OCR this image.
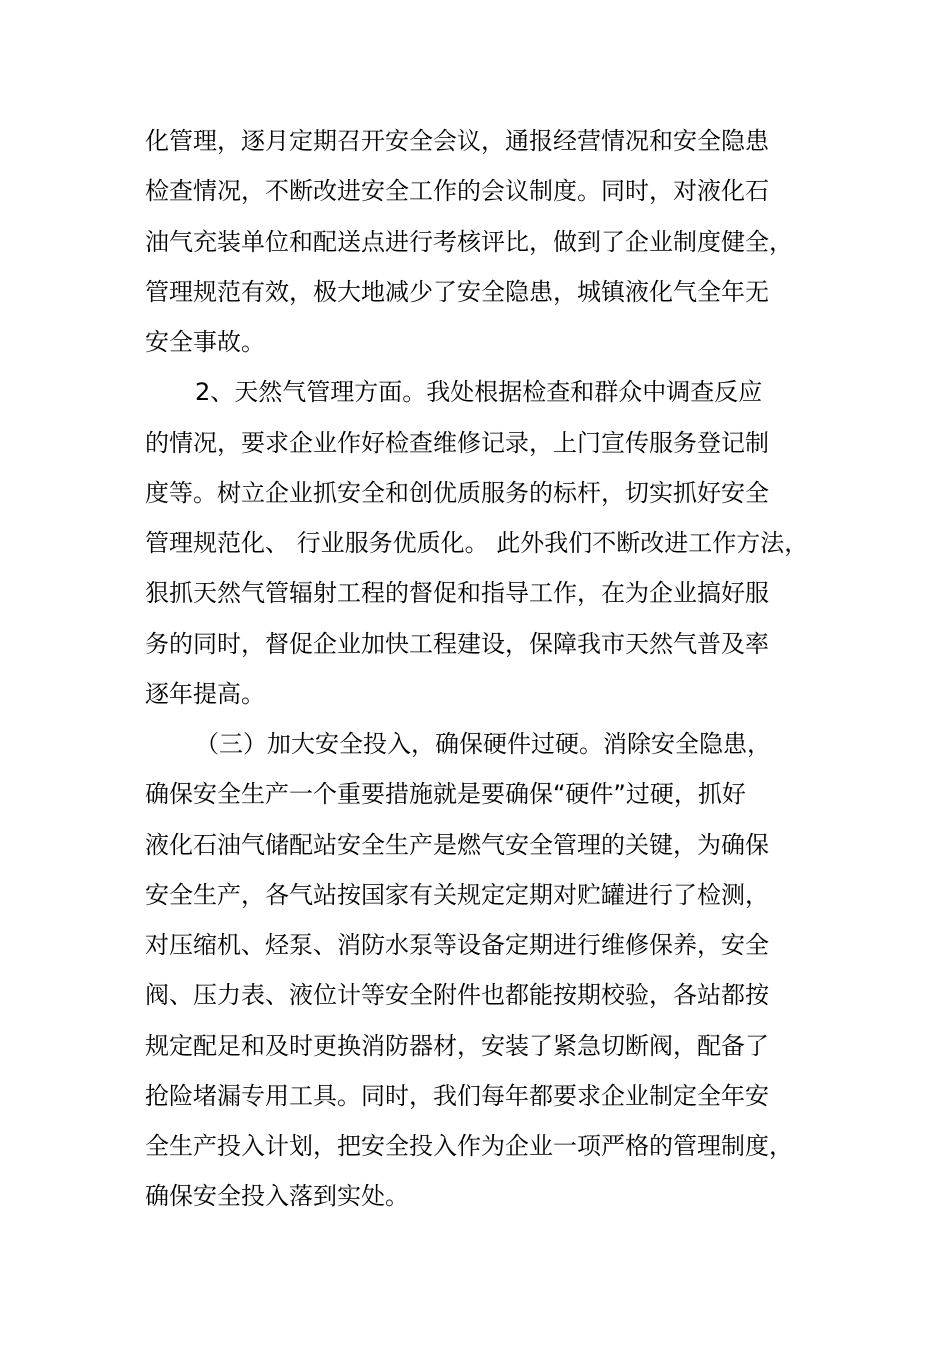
化管理，逐月定期召开安全会议，通报经营情况和安全隐患
检查情况，不断改进安全工作的会议制度。同时，对液化石
油气充装单位和配送点进行考核评比，做到了企业制度健全，
管理规范有效，极大地减少了安全隐患，城镇液化气全年无
安全事故。
2、天然气管理方面。我处根据检查和群众中调查反应
的情况，要求企业作好检查维修记录，上门宣传服务登记制
度等。树立企业抓安全和创优质服务的标杆，切实抓好安全
管理规范化、 行业服务优质化。 此外我们不断改进工作方法，
狠抓天然气管辐射工程的督促和指导工作，在为企业搞好服
务的同时，督促企业加快工程建设，保障我市天然气普及率
逐年提高。
（三）加大安全投入，确保硬件过硬。消除安全隐患，
确保安全生产一个重要措施就是要确保“硬件”过硬，抓好
液化石油气储配站安全生产是燃气安全管理的关键，为确保
安全生产，各气站按国家有关规定定期对贮罐进行了检测，
对压缩机、烃泵、消防水泵等设备定期进行维修保养，安全
阀、压力表、液位计等安全附件也都能按期校验，各站都按
规定配足和及时更换消防器材，安装了紧急切断阀，配备了
抢险堵漏专用工具。同时，我们每年都要求企业制定全年安
全生产投入计划，把安全投入作为企业一项严格的管理制度，
确保安全投入落到实处。
